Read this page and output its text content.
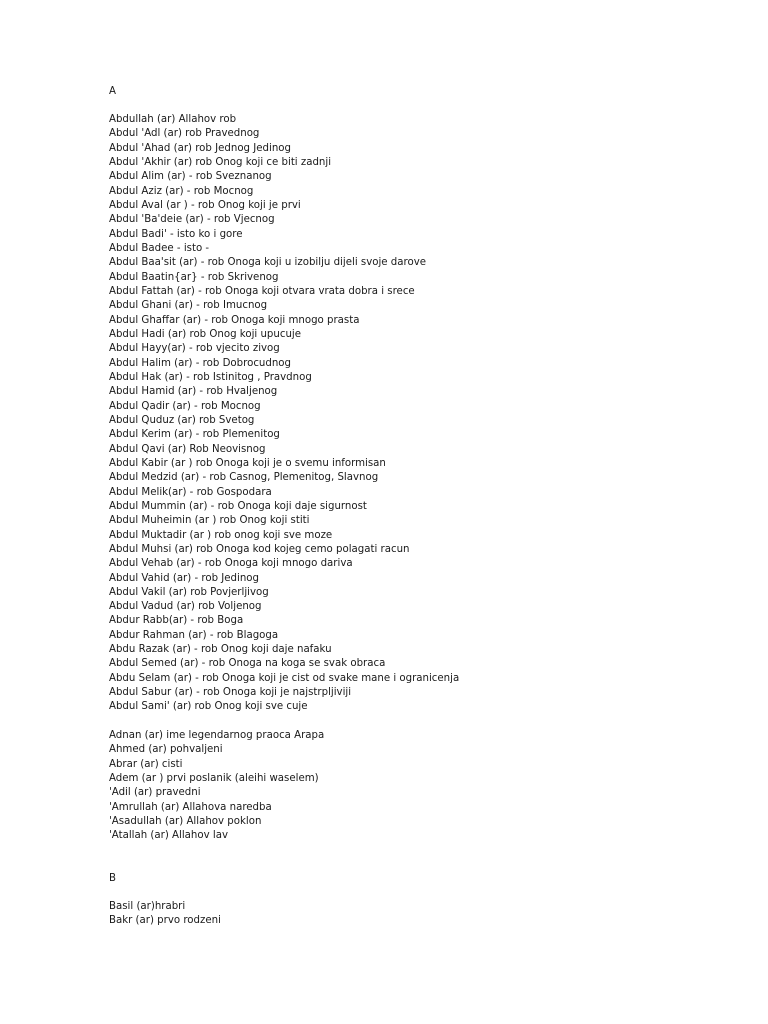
A
Abdullah (ar) Allahov rob
Abdul 'Adl (ar) rob Pravednog
Abdul 'Ahad (ar) rob Jednog Jedinog
Abdul 'Akhir (ar) rob Onog koji ce biti zadnji
Abdul Alim (ar) - rob Sveznanog
Abdul Aziz (ar) - rob Mocnog
Abdul Aval (ar ) - rob Onog koji je prvi
Abdul 'Ba'deie (ar) - rob Vjecnog
Abdul Badi' - isto ko i gore
Abdul Badee - isto -
Abdul Baa'sit (ar) - rob Onoga koji u izobilju dijeli svoje darove
Abdul Baatin{ar} - rob Skrivenog
Abdul Fattah (ar) - rob Onoga koji otvara vrata dobra i srece
Abdul Ghani (ar) - rob Imucnog
Abdul Ghaffar (ar) - rob Onoga koji mnogo prasta
Abdul Hadi (ar) rob Onog koji upucuje
Abdul Hayy(ar) - rob vjecito zivog
Abdul Halim (ar) - rob Dobrocudnog
Abdul Hak (ar) - rob Istinitog , Pravdnog
Abdul Hamid (ar) - rob Hvaljenog
Abdul Qadir (ar) - rob Mocnog
Abdul Quduz (ar) rob Svetog
Abdul Kerim (ar) - rob Plemenitog
Abdul Qavi (ar) Rob Neovisnog
Abdul Kabir (ar ) rob Onoga koji je o svemu informisan
Abdul Medzid (ar) - rob Casnog, Plemenitog, Slavnog
Abdul Melik(ar) - rob Gospodara
Abdul Mummin (ar) - rob Onoga koji daje sigurnost
Abdul Muheimin (ar ) rob Onog koji stiti
Abdul Muktadir (ar ) rob onog koji sve moze
Abdul Muhsi (ar) rob Onoga kod kojeg cemo polagati racun
Abdul Vehab (ar) - rob Onoga koji mnogo dariva
Abdul Vahid (ar) - rob Jedinog
Abdul Vakil (ar) rob Povjerljivog
Abdul Vadud (ar) rob Voljenog
Abdur Rabb(ar) - rob Boga
Abdur Rahman (ar) - rob Blagoga
Abdu Razak (ar) - rob Onog koji daje nafaku
Abdul Semed (ar) - rob Onoga na koga se svak obraca
Abdu Selam (ar) - rob Onoga koji je cist od svake mane i ogranicenja
Abdul Sabur (ar) - rob Onoga koji je najstrpljiviji
Abdul Sami' (ar) rob Onog koji sve cuje
Adnan (ar) ime legendarnog praoca Arapa
Ahmed (ar) pohvaljeni
Abrar (ar) cisti
Adem (ar ) prvi poslanik (aleihi waselem)
'Adil (ar) pravedni
'Amrullah (ar) Allahova naredba
'Asadullah (ar) Allahov poklon
'Atallah (ar) Allahov lav
B
Basil (ar)hrabri
Bakr (ar) prvo rodzeni
